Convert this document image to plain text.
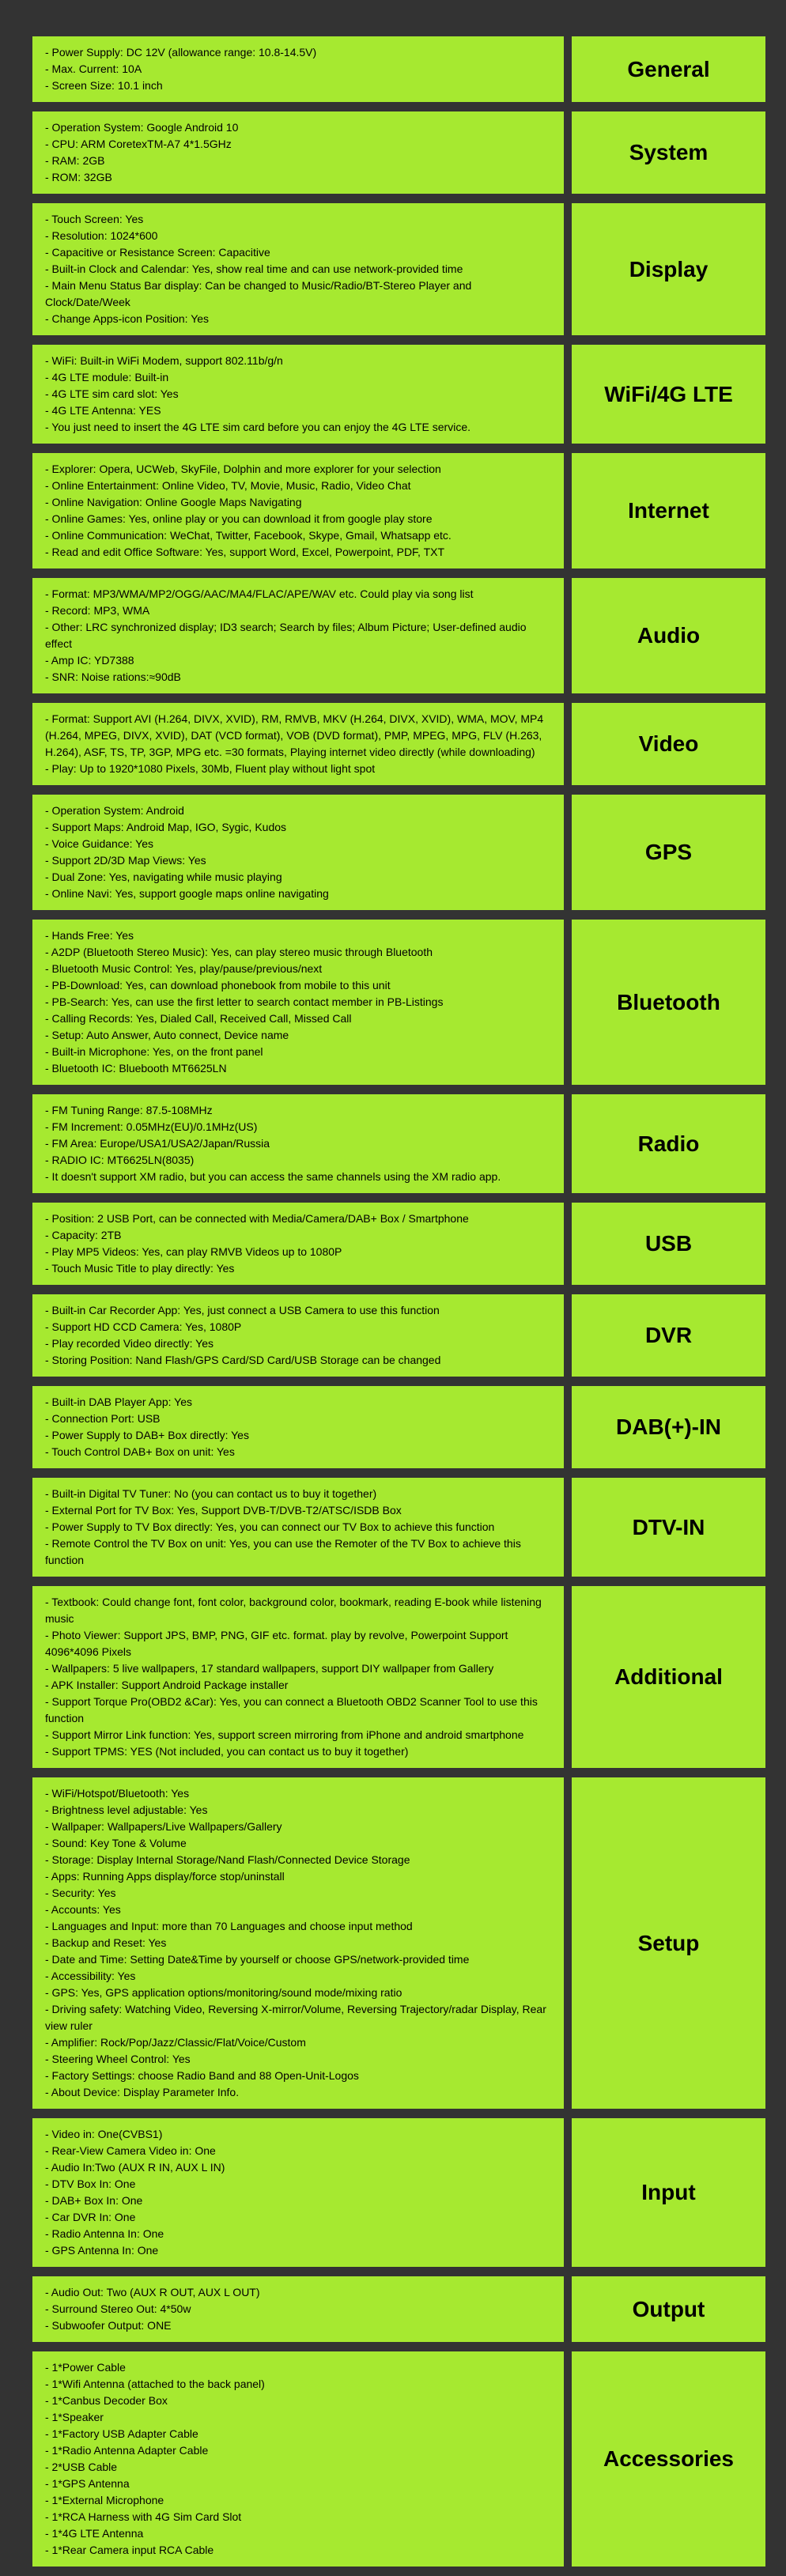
- Power Supply: DC 12V (allowance range: 10.8-14.5V)
- Max. Current: 10A
- Screen Size: 10.1 inch
General
- Operation System: Google Android 10
- CPU: ARM CoretexTM-A7 4*1.5GHz
- RAM: 2GB
- ROM: 32GB
System
- Touch Screen: Yes
- Resolution: 1024*600
- Capacitive or Resistance Screen: Capacitive
- Built-in Clock and Calendar: Yes, show real time and can use network-provided time
- Main Menu Status Bar display: Can be changed to Music/Radio/BT-Stereo Player and Clock/Date/Week
- Change Apps-icon Position: Yes
Display
- WiFi: Built-in WiFi Modem, support 802.11b/g/n
- 4G LTE module: Built-in
- 4G LTE sim card slot: Yes
- 4G LTE Antenna: YES
- You just need to insert the 4G LTE sim card before you can enjoy the 4G LTE service.
WiFi/4G LTE
- Explorer: Opera, UCWeb, SkyFile, Dolphin and more explorer for your selection
- Online Entertainment: Online Video, TV, Movie, Music, Radio, Video Chat
- Online Navigation: Online Google Maps Navigating
- Online Games: Yes, online play or you can download it from google play store
- Online Communication: WeChat, Twitter, Facebook, Skype, Gmail, Whatsapp etc.
- Read and edit Office Software: Yes, support Word, Excel, Powerpoint, PDF, TXT
Internet
- Format: MP3/WMA/MP2/OGG/AAC/MA4/FLAC/APE/WAV etc. Could play via song list
- Record: MP3, WMA
- Other: LRC synchronized display; ID3 search; Search by files; Album Picture; User-defined audio effect
- Amp IC: YD7388
- SNR: Noise rations:≈90dB
Audio
- Format: Support AVI (H.264, DIVX, XVID), RM, RMVB, MKV (H.264, DIVX, XVID), WMA, MOV, MP4 (H.264, MPEG, DIVX, XVID), DAT (VCD format), VOB (DVD format), PMP, MPEG, MPG, FLV (H.263, H.264), ASF, TS, TP, 3GP, MPG etc. =30 formats, Playing internet video directly (while downloading)
- Play: Up to 1920*1080 Pixels, 30Mb, Fluent play without light spot
Video
- Operation System: Android
- Support Maps: Android Map, IGO, Sygic, Kudos
- Voice Guidance: Yes
- Support 2D/3D Map Views: Yes
- Dual Zone: Yes, navigating while music playing
- Online Navi: Yes, support google maps online navigating
GPS
- Hands Free: Yes
- A2DP (Bluetooth Stereo Music): Yes, can play stereo music through Bluetooth
- Bluetooth Music Control: Yes, play/pause/previous/next
- PB-Download: Yes, can download phonebook from mobile to this unit
- PB-Search: Yes, can use the first letter to search contact member in PB-Listings
- Calling Records: Yes, Dialed Call, Received Call, Missed Call
- Setup: Auto Answer, Auto connect, Device name
- Built-in Microphone: Yes, on the front panel
- Bluetooth IC: Bluebooth MT6625LN
Bluetooth
- FM Tuning Range: 87.5-108MHz
- FM Increment: 0.05MHz(EU)/0.1MHz(US)
- FM Area: Europe/USA1/USA2/Japan/Russia
- RADIO IC: MT6625LN(8035)
- It doesn't support XM radio, but you can access the same channels using the XM radio app.
Radio
- Position: 2 USB Port, can be connected with Media/Camera/DAB+ Box / Smartphone
- Capacity: 2TB
- Play MP5 Videos: Yes, can play RMVB Videos up to 1080P
- Touch Music Title to play directly: Yes
USB
- Built-in Car Recorder App: Yes, just connect a USB Camera to use this function
- Support HD CCD Camera: Yes, 1080P
- Play recorded Video directly: Yes
- Storing Position: Nand Flash/GPS Card/SD Card/USB Storage can be changed
DVR
- Built-in DAB Player App: Yes
- Connection Port: USB
- Power Supply to DAB+ Box directly: Yes
- Touch Control DAB+ Box on unit: Yes
DAB(+)-IN
- Built-in Digital TV Tuner: No (you can contact us to buy it together)
- External Port for TV Box: Yes, Support DVB-T/DVB-T2/ATSC/ISDB Box
- Power Supply to TV Box directly: Yes, you can connect our TV Box to achieve this function
- Remote Control the TV Box on unit: Yes, you can use the Remoter of the TV Box to achieve this function
DTV-IN
- Textbook: Could change font, font color, background color, bookmark, reading E-book while listening music
- Photo Viewer: Support JPS, BMP, PNG, GIF etc. format. play by revolve, Powerpoint Support 4096*4096 Pixels
- Wallpapers: 5 live wallpapers, 17 standard wallpapers, support DIY wallpaper from Gallery
- APK Installer: Support Android Package installer
- Support Torque Pro(OBD2 &Car): Yes, you can connect a Bluetooth OBD2 Scanner Tool to use this function
- Support Mirror Link function: Yes, support screen mirroring from iPhone and android smartphone
- Support TPMS: YES (Not included, you can contact us to buy it together)
Additional
- WiFi/Hotspot/Bluetooth: Yes
- Brightness level adjustable: Yes
- Wallpaper: Wallpapers/Live Wallpapers/Gallery
- Sound: Key Tone & Volume
- Storage: Display Internal Storage/Nand Flash/Connected Device Storage
- Apps: Running Apps display/force stop/uninstall
- Security: Yes
- Accounts: Yes
- Languages and Input: more than 70 Languages and choose input method
- Backup and Reset: Yes
- Date and Time: Setting Date&Time by yourself or choose GPS/network-provided time
- Accessibility: Yes
- GPS: Yes, GPS application options/monitoring/sound mode/mixing ratio
- Driving safety: Watching Video, Reversing X-mirror/Volume, Reversing Trajectory/radar Display, Rear view ruler
- Amplifier: Rock/Pop/Jazz/Classic/Flat/Voice/Custom
- Steering Wheel Control: Yes
- Factory Settings: choose Radio Band and 88 Open-Unit-Logos
- About Device: Display Parameter Info.
Setup
- Video in: One(CVBS1)
- Rear-View Camera Video in: One
- Audio In:Two (AUX R IN, AUX L IN)
- DTV Box In: One
- DAB+ Box In: One
- Car DVR In: One
- Radio Antenna In: One
- GPS Antenna In: One
Input
- Audio Out: Two (AUX R OUT, AUX L OUT)
- Surround Stereo Out: 4*50w
- Subwoofer Output: ONE
Output
- 1*Power Cable
- 1*Wifi Antenna (attached to the back panel)
- 1*Canbus Decoder Box
- 1*Speaker
- 1*Factory USB Adapter Cable
- 1*Radio Antenna Adapter Cable
- 2*USB Cable
- 1*GPS Antenna
- 1*External Microphone
- 1*RCA Harness with 4G Sim Card Slot
- 1*4G LTE Antenna
- 1*Rear Camera input RCA Cable
Accessories
